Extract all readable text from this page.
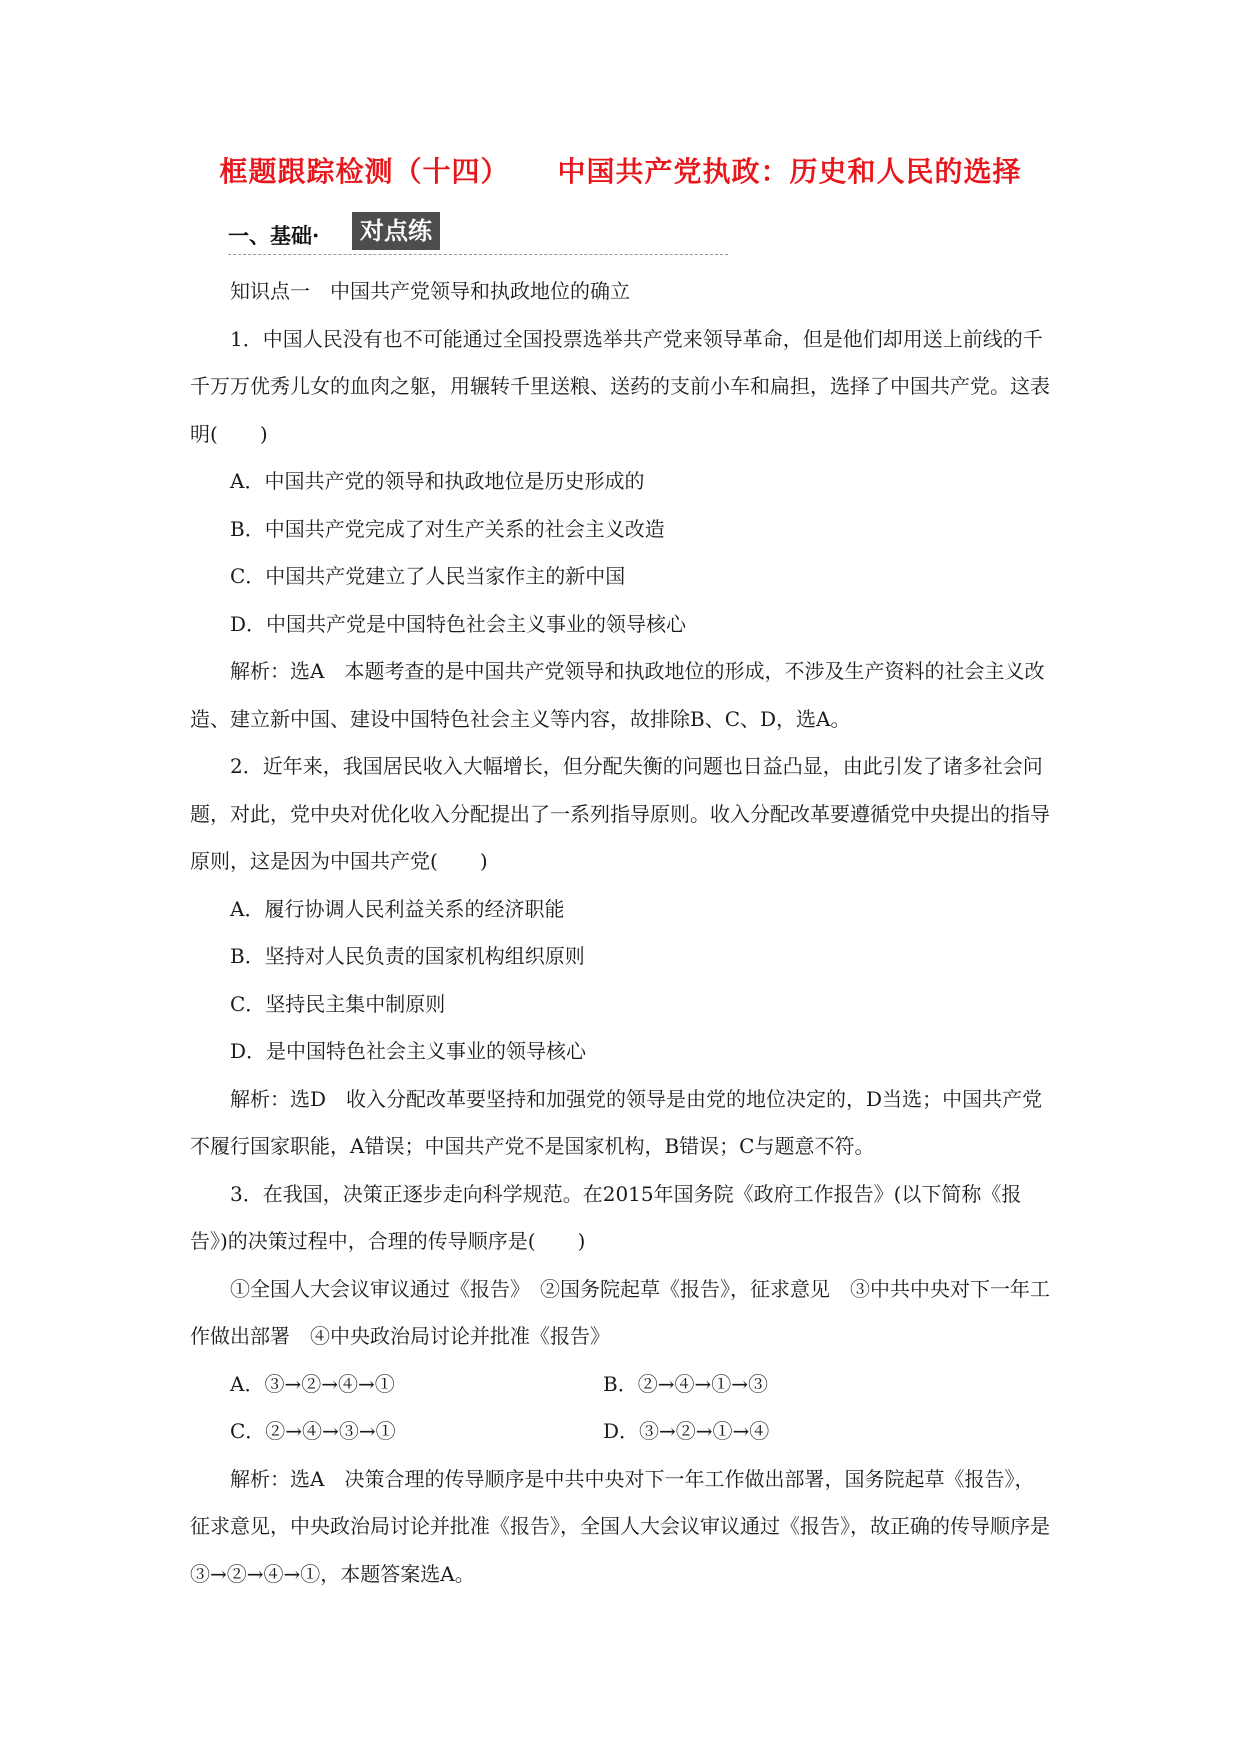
框题跟踪检测（十四） 中国共产党执政：历史和人民的选择
一、基础·	对点练

知识点一　中国共产党领导和执政地位的确立

1．中国人民没有也不可能通过全国投票选举共产党来领导革命，但是他们却用送上前线的千千万万优秀儿女的血肉之躯，用辗转千里送粮、送药的支前小车和扁担，选择了中国共产党。这表明( )

A．中国共产党的领导和执政地位是历史形成的

B．中国共产党完成了对生产关系的社会主义改造

C．中国共产党建立了人民当家作主的新中国

D．中国共产党是中国特色社会主义事业的领导核心

解析：选A　本题考查的是中国共产党领导和执政地位的形成，不涉及生产资料的社会主义改造、建立新中国、建设中国特色社会主义等内容，故排除B、C、D，选A。

2．近年来，我国居民收入大幅增长，但分配失衡的问题也日益凸显，由此引发了诸多社会问题，对此，党中央对优化收入分配提出了一系列指导原则。收入分配改革要遵循党中央提出的指导原则，这是因为中国共产党( )

A．履行协调人民利益关系的经济职能

B．坚持对人民负责的国家机构组织原则

C．坚持民主集中制原则

D．是中国特色社会主义事业的领导核心

解析：选D　收入分配改革要坚持和加强党的领导是由党的地位决定的，D当选；中国共产党不履行国家职能，A错误；中国共产党不是国家机构，B错误；C与题意不符。

3．在我国，决策正逐步走向科学规范。在2015年国务院《政府工作报告》(以下简称《报告》)的决策过程中，合理的传导顺序是( )

①全国人大会议审议通过《报告》　②国务院起草《报告》，征求意见　③中共中央对下一年工作做出部署　④中央政治局讨论并批准《报告》

A．③→②→④→①	B．②→④→①→③
C．②→④→③→①	D．③→②→①→④

解析：选A　决策合理的传导顺序是中共中央对下一年工作做出部署，国务院起草《报告》，征求意见，中央政治局讨论并批准《报告》，全国人大会议审议通过《报告》，故正确的传导顺序是③→②→④→①，本题答案选A。
